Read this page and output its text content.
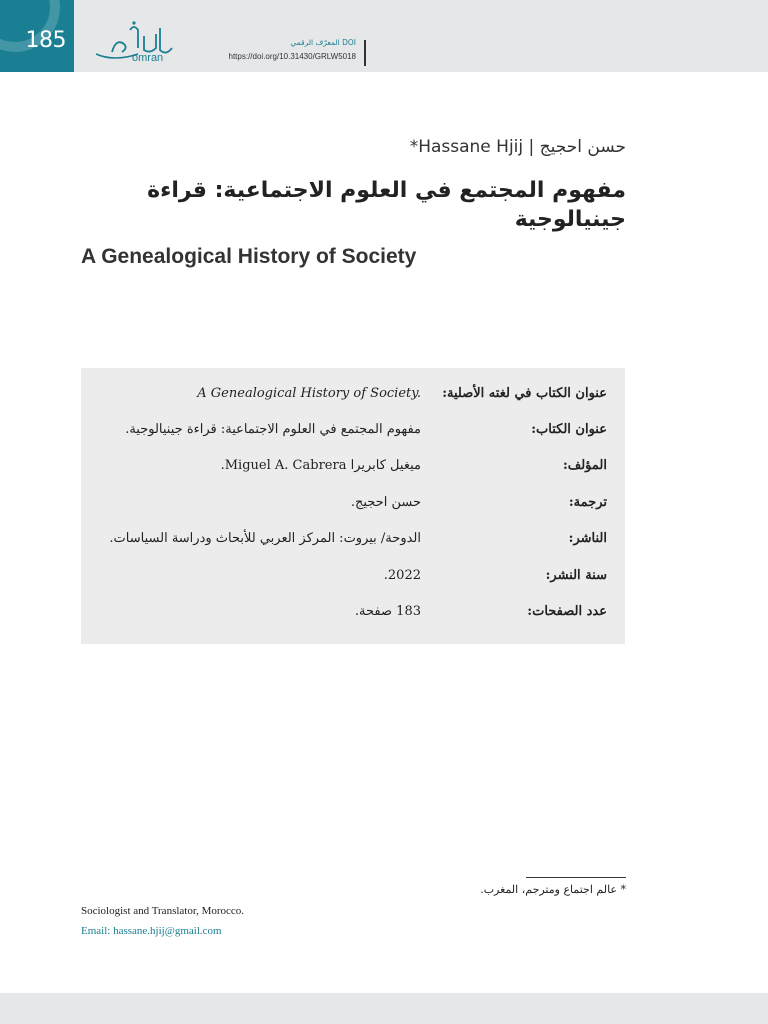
185
omran
المعرّف الرقمي DOI
https://doi.org/10.31430/GRLW5018
حسن احجيج | Hassane Hjij*
مفهوم المجتمع في العلوم الاجتماعية: قراءة جينيالوجية
A Genealogical History of Society
عنوان الكتاب في لغته الأصلية:
A Genealogical History of Society.
عنوان الكتاب:
مفهوم المجتمع في العلوم الاجتماعية: قراءة جينيالوجية.
المؤلف:
ميغيل كابريرا Miguel A. Cabrera.
ترجمة:
حسن احجيج.
الناشر:
الدوحة/ بيروت: المركز العربي للأبحاث ودراسة السياسات.
سنة النشر:
2022.
عدد الصفحات:
183 صفحة.
* عالم اجتماع ومترجم، المغرب.
Sociologist and Translator, Morocco.
Email: hassane.hjij@gmail.com
